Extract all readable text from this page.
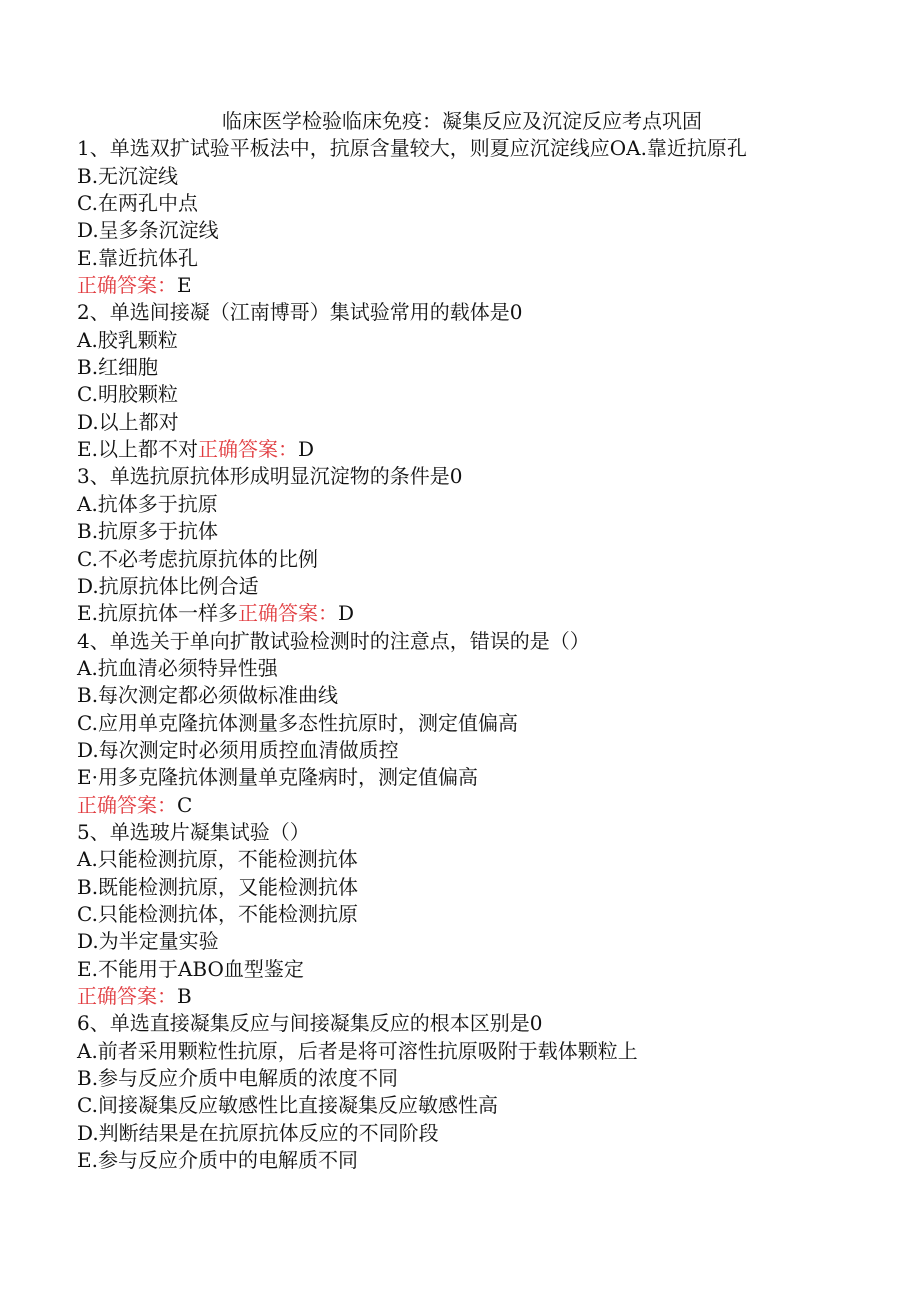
临床医学检验临床免疫：凝集反应及沉淀反应考点巩固
1、单选双扩试验平板法中，抗原含量较大，则夏应沉淀线应OA.靠近抗原孔
B.无沉淀线
C.在两孔中点
D.呈多条沉淀线
E.靠近抗体孔
正确答案：E
2、单选间接凝（江南博哥）集试验常用的载体是0
A.胶乳颗粒
B.红细胞
C.明胶颗粒
D.以上都对
E.以上都不对正确答案：D
3、单选抗原抗体形成明显沉淀物的条件是0
A.抗体多于抗原
B.抗原多于抗体
C.不必考虑抗原抗体的比例
D.抗原抗体比例合适
E.抗原抗体一样多正确答案：D
4、单选关于单向扩散试验检测时的注意点，错误的是（）
A.抗血清必须特异性强
B.每次测定都必须做标准曲线
C.应用单克隆抗体测量多态性抗原时，测定值偏高
D.每次测定时必须用质控血清做质控
E·用多克隆抗体测量单克隆病时，测定值偏高
正确答案：C
5、单选玻片凝集试验（）
A.只能检测抗原，不能检测抗体
B.既能检测抗原，又能检测抗体
C.只能检测抗体，不能检测抗原
D.为半定量实验
E.不能用于ABO血型鉴定
正确答案：B
6、单选直接凝集反应与间接凝集反应的根本区别是0
A.前者采用颗粒性抗原，后者是将可溶性抗原吸附于载体颗粒上
B.参与反应介质中电解质的浓度不同
C.间接凝集反应敏感性比直接凝集反应敏感性高
D.判断结果是在抗原抗体反应的不同阶段
E.参与反应介质中的电解质不同
